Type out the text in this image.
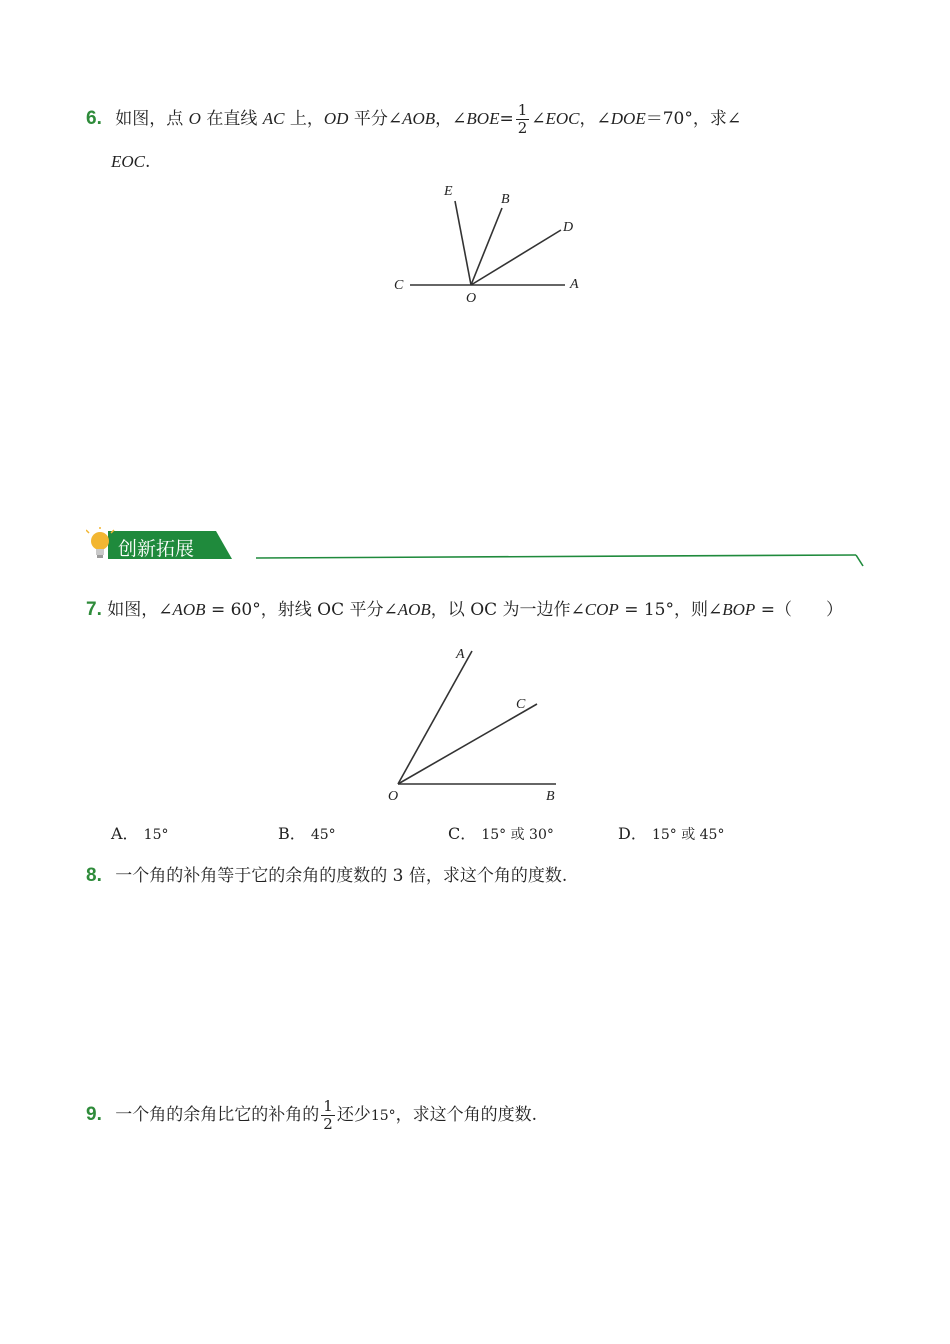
6. 如图，点 O 在直线 AC 上，OD 平分∠AOB，∠BOE= $\frac{1}{2}$ ∠EOC，∠DOE＝70°，求∠
EOC.
E
B
D
C
O
A
创新拓展
7. 如图，∠AOB = 60°，射线 OC 平分∠AOB，以 OC 为一边作∠COP = 15°，则∠BOP =（　　）
A
C
O	B
A． 15°	B． 45°	C． 15° 或 30°	D． 15° 或 45°
8. 一个角的补角等于它的余角的度数的 3 倍，求这个角的度数.
9. 一个角的余角比它的补角的 $\frac{1}{2}$ 还少15°，求这个角的度数.
